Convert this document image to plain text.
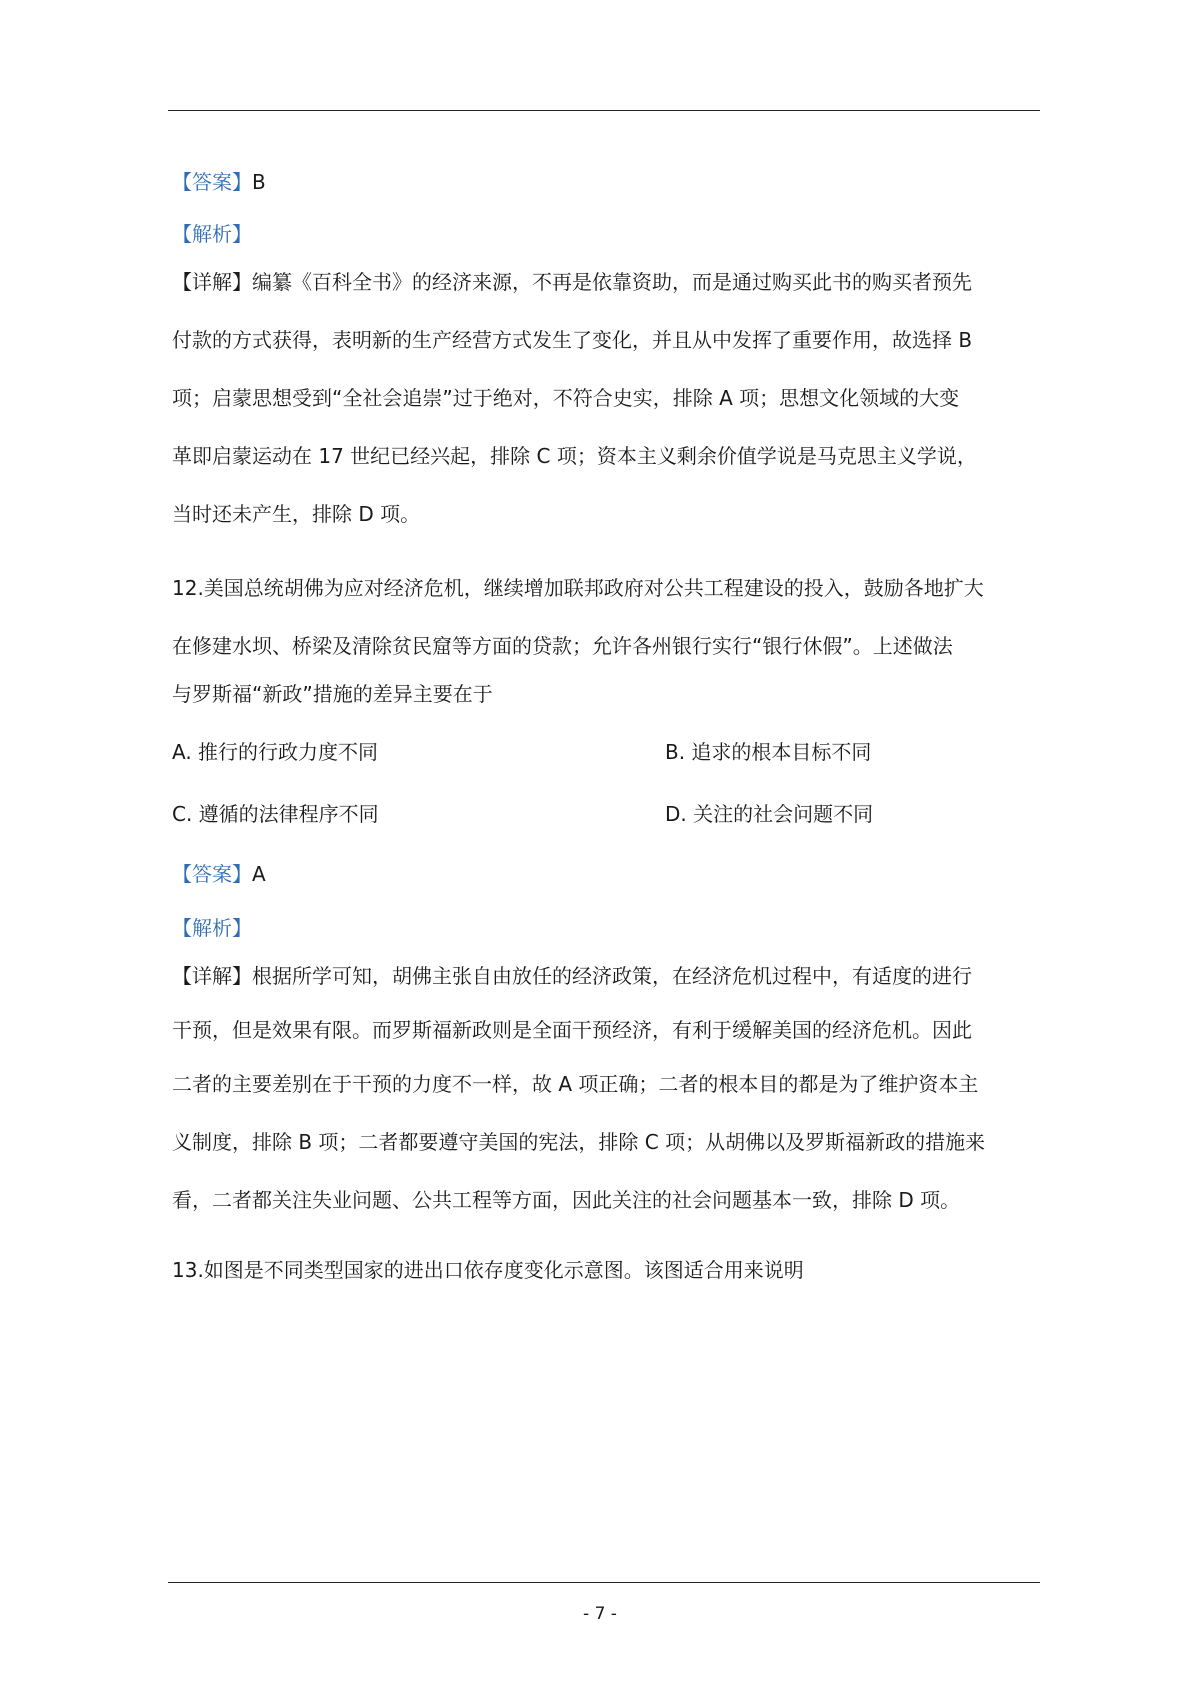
【答案】B
【解析】
【详解】编纂《百科全书》的经济来源，不再是依靠资助，而是通过购买此书的购买者预先
付款的方式获得，表明新的生产经营方式发生了变化，并且从中发挥了重要作用，故选择 B
项；启蒙思想受到“全社会追崇”过于绝对，不符合史实，排除 A 项；思想文化领域的大变
革即启蒙运动在 17 世纪已经兴起，排除 C 项；资本主义剩余价值学说是马克思主义学说，
当时还未产生，排除 D 项。
12.美国总统胡佛为应对经济危机，继续增加联邦政府对公共工程建设的投入，鼓励各地扩大
在修建水坝、桥梁及清除贫民窟等方面的贷款；允许各州银行实行“银行休假”。上述做法
与罗斯福“新政”措施的差异主要在于
A. 推行的行政力度不同	B. 追求的根本目标不同
C. 遵循的法律程序不同	D. 关注的社会问题不同
【答案】A
【解析】
【详解】根据所学可知，胡佛主张自由放任的经济政策，在经济危机过程中，有适度的进行
干预，但是效果有限。而罗斯福新政则是全面干预经济，有利于缓解美国的经济危机。因此
二者的主要差别在于干预的力度不一样，故 A 项正确；二者的根本目的都是为了维护资本主
义制度，排除 B 项；二者都要遵守美国的宪法，排除 C 项；从胡佛以及罗斯福新政的措施来
看，二者都关注失业问题、公共工程等方面，因此关注的社会问题基本一致，排除 D 项。
13.如图是不同类型国家的进出口依存度变化示意图。该图适合用来说明
- 7 -
